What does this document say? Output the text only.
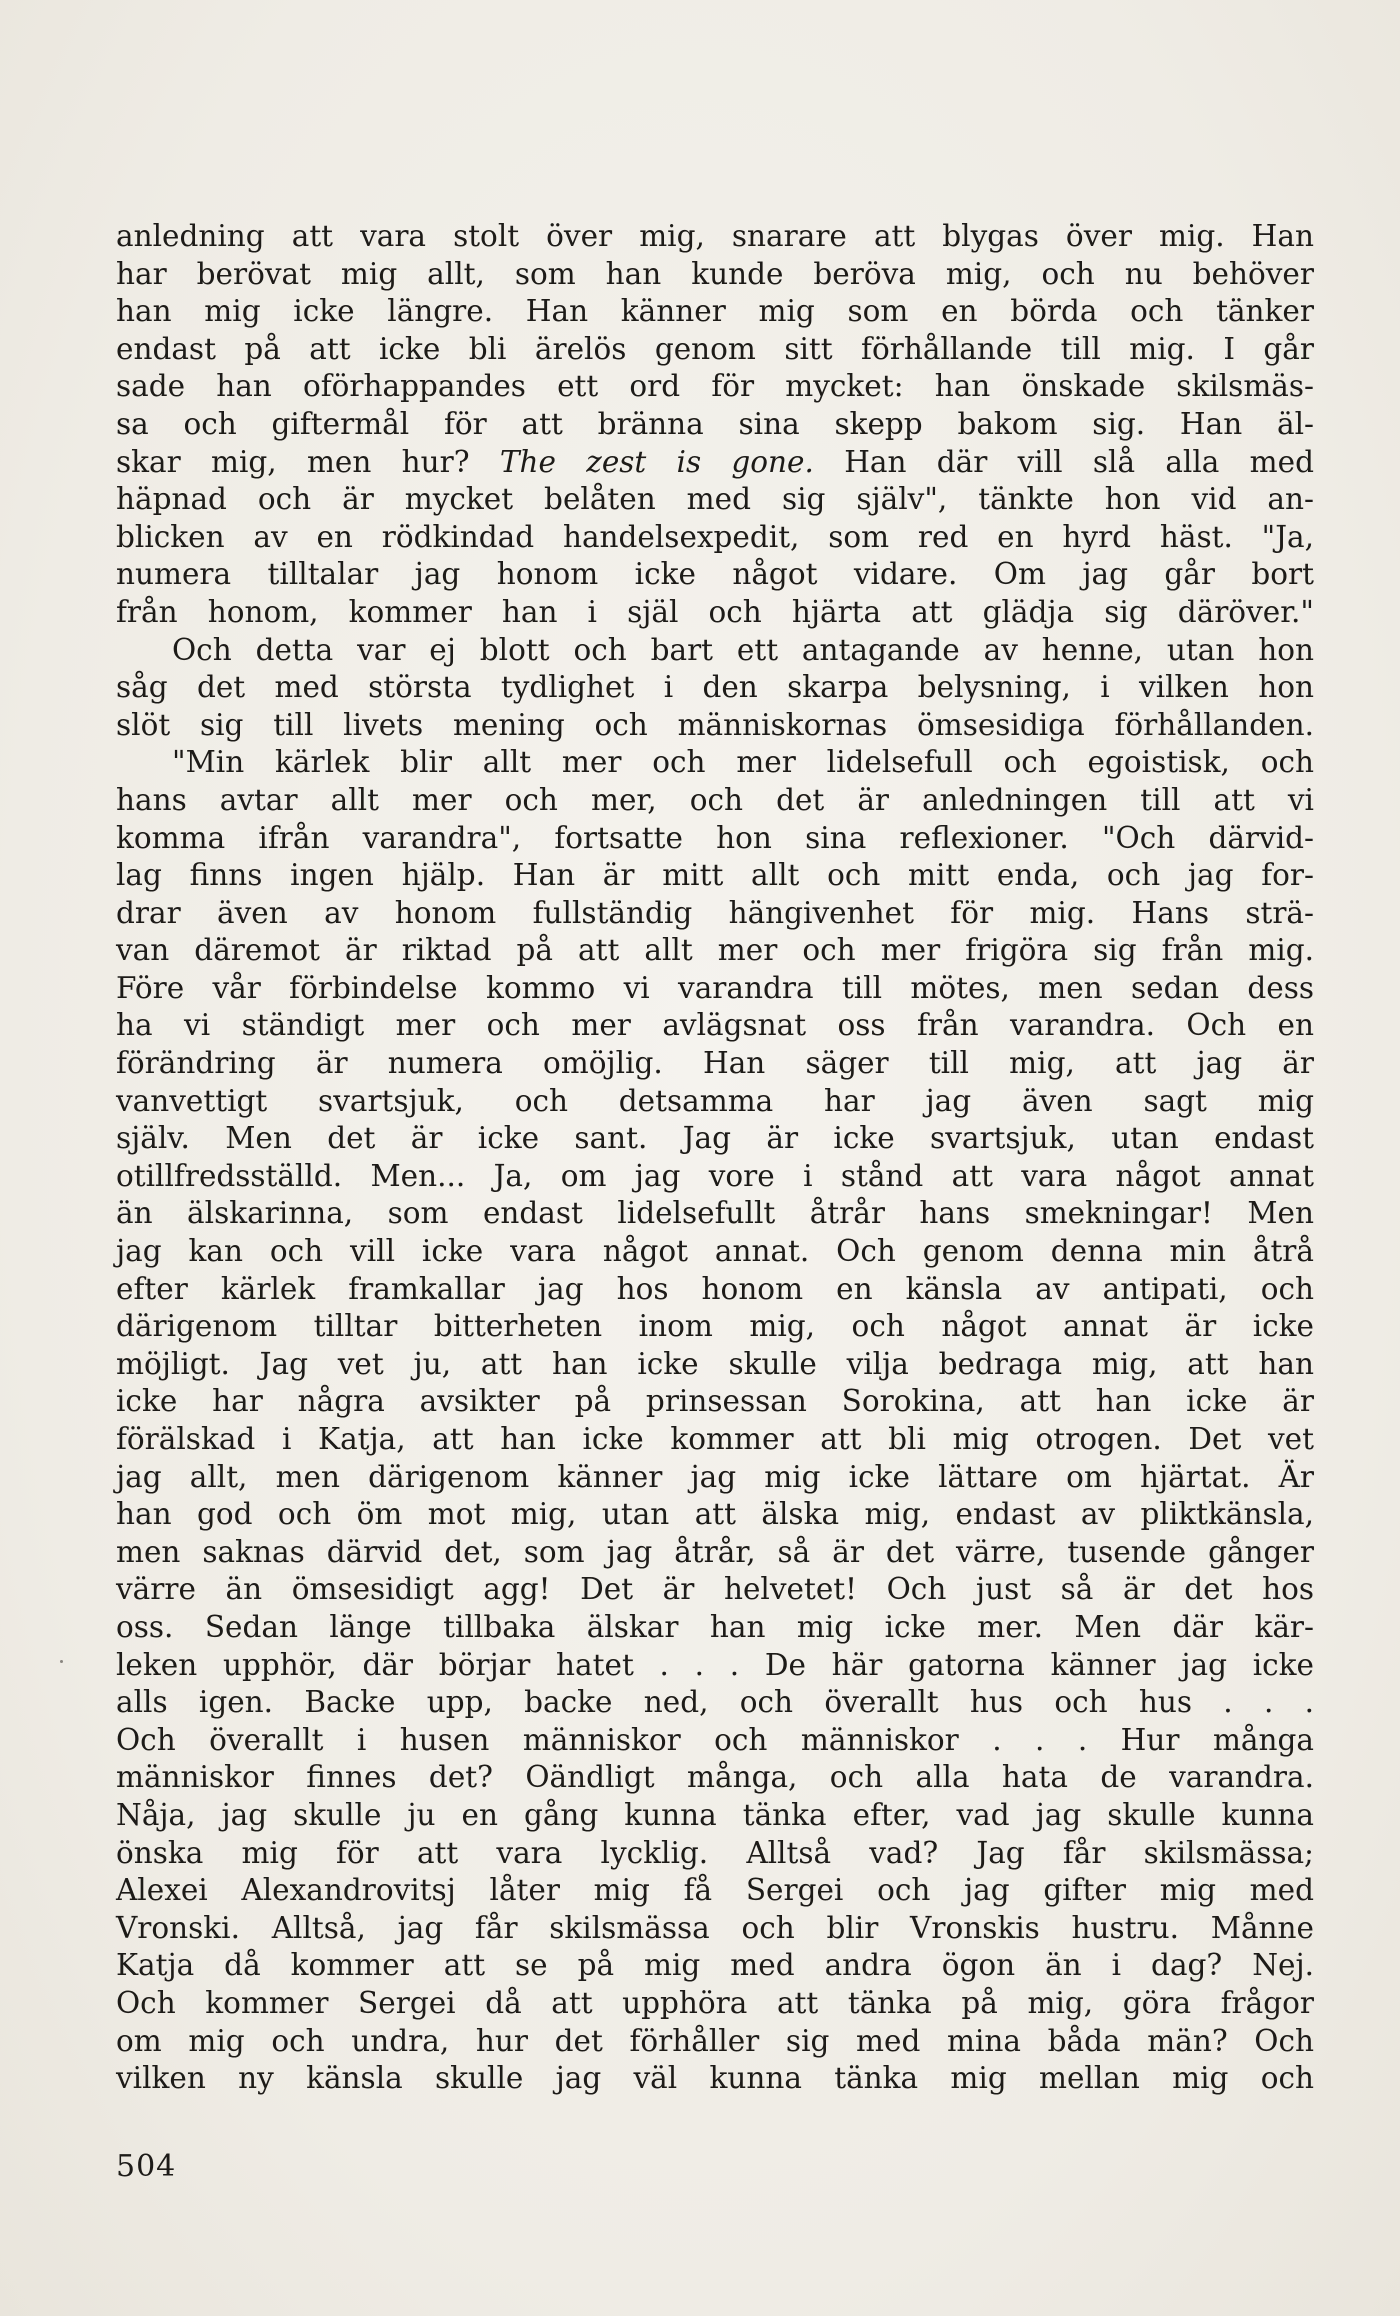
anledning att vara stolt över mig, snarare att blygas över mig. Han
har berövat mig allt, som han kunde beröva mig, och nu behöver
han mig icke längre. Han känner mig som en börda och tänker
endast på att icke bli ärelös genom sitt förhållande till mig. I går
sade han oförhappandes ett ord för mycket: han önskade skilsmäs-
sa och giftermål för att bränna sina skepp bakom sig. Han äl-
skar mig, men hur? The zest is gone. Han där vill slå alla med
häpnad och är mycket belåten med sig själv", tänkte hon vid an-
blicken av en rödkindad handelsexpedit, som red en hyrd häst. "Ja,
numera tilltalar jag honom icke något vidare. Om jag går bort
från honom, kommer han i själ och hjärta att glädja sig däröver."
Och detta var ej blott och bart ett antagande av henne, utan hon
såg det med största tydlighet i den skarpa belysning, i vilken hon
slöt sig till livets mening och människornas ömsesidiga förhållanden.
"Min kärlek blir allt mer och mer lidelsefull och egoistisk, och
hans avtar allt mer och mer, och det är anledningen till att vi
komma ifrån varandra", fortsatte hon sina reflexioner. "Och därvid-
lag finns ingen hjälp. Han är mitt allt och mitt enda, och jag for-
drar även av honom fullständig hängivenhet för mig. Hans strä-
van däremot är riktad på att allt mer och mer frigöra sig från mig.
Före vår förbindelse kommo vi varandra till mötes, men sedan dess
ha vi ständigt mer och mer avlägsnat oss från varandra. Och en
förändring är numera omöjlig. Han säger till mig, att jag är
vanvettigt svartsjuk, och detsamma har jag även sagt mig
själv. Men det är icke sant. Jag är icke svartsjuk, utan endast
otillfredsställd. Men... Ja, om jag vore i stånd att vara något annat
än älskarinna, som endast lidelsefullt åtrår hans smekningar! Men
jag kan och vill icke vara något annat. Och genom denna min åtrå
efter kärlek framkallar jag hos honom en känsla av antipati, och
därigenom tilltar bitterheten inom mig, och något annat är icke
möjligt. Jag vet ju, att han icke skulle vilja bedraga mig, att han
icke har några avsikter på prinsessan Sorokina, att han icke är
förälskad i Katja, att han icke kommer att bli mig otrogen. Det vet
jag allt, men därigenom känner jag mig icke lättare om hjärtat. Är
han god och öm mot mig, utan att älska mig, endast av pliktkänsla,
men saknas därvid det, som jag åtrår, så är det värre, tusende gånger
värre än ömsesidigt agg! Det är helvetet! Och just så är det hos
oss. Sedan länge tillbaka älskar han mig icke mer. Men där kär-
leken upphör, där börjar hatet . . . De här gatorna känner jag icke
alls igen. Backe upp, backe ned, och överallt hus och hus . . .
Och överallt i husen människor och människor . . . Hur många
människor finnes det? Oändligt många, och alla hata de varandra.
Nåja, jag skulle ju en gång kunna tänka efter, vad jag skulle kunna
önska mig för att vara lycklig. Alltså vad? Jag får skilsmässa;
Alexei Alexandrovitsj låter mig få Sergei och jag gifter mig med
Vronski. Alltså, jag får skilsmässa och blir Vronskis hustru. Månne
Katja då kommer att se på mig med andra ögon än i dag? Nej.
Och kommer Sergei då att upphöra att tänka på mig, göra frågor
om mig och undra, hur det förhåller sig med mina båda män? Och
vilken ny känsla skulle jag väl kunna tänka mig mellan mig och
504
